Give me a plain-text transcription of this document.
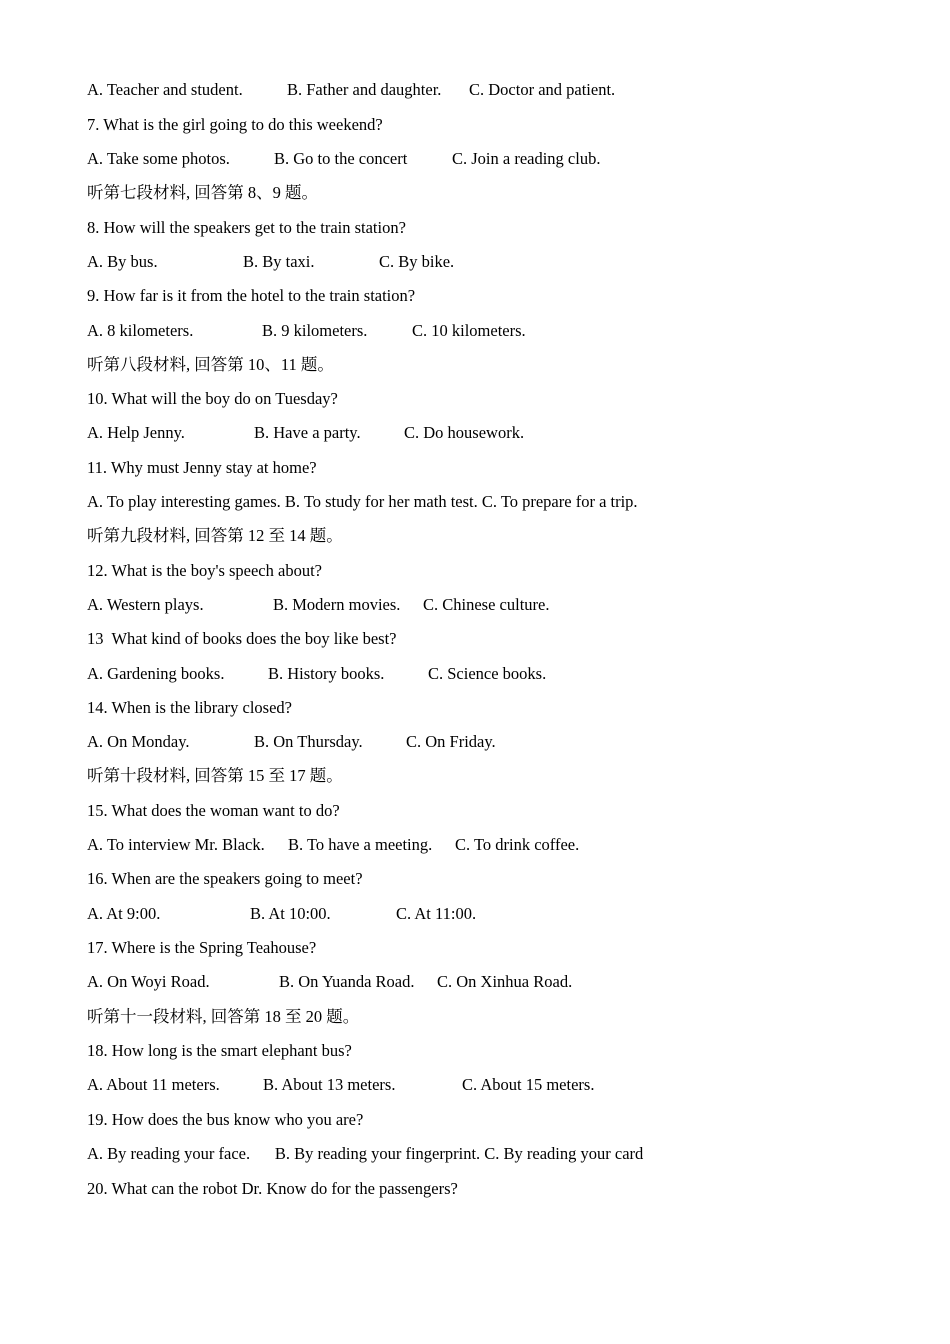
A. Teacher and student.	B. Father and daughter. C. Doctor and patient.
7. What is the girl going to do this weekend?
A. Take some photos.	B. Go to the concert	C. Join a reading club.
听第七段材料, 回答第 8、9 题。
8. How will the speakers get to the train station?
A. By bus.	B. By taxi.	C. By bike.
9. How far is it from the hotel to the train station?
A. 8 kilometers.	B. 9 kilometers.	C. 10 kilometers.
听第八段材料, 回答第 10、11 题。
10. What will the boy do on Tuesday?
A. Help Jenny.	B. Have a party.	C. Do housework.
11. Why must Jenny stay at home?
A. To play interesting games. B. To study for her math test. C. To prepare for a trip.
听第九段材料, 回答第 12 至 14 题。
12. What is the boy's speech about?
A. Western plays.	B. Modern movies. C. Chinese culture.
13  What kind of books does the boy like best?
A. Gardening books.	B. History books.	C. Science books.
14. When is the library closed?
A. On Monday.	B. On Thursday.	C. On Friday.
听第十段材料, 回答第 15 至 17 题。
15. What does the woman want to do?
A. To interview Mr. Black. B. To have a meeting. C. To drink coffee.
16. When are the speakers going to meet?
A. At 9:00.	B. At 10:00.	C. At 11:00.
17. Where is the Spring Teahouse?
A. On Woyi Road.	B. On Yuanda Road. C. On Xinhua Road.
听第十一段材料, 回答第 18 至 20 题。
18. How long is the smart elephant bus?
A. About 11 meters.	B. About 13 meters.	C. About 15 meters.
19. How does the bus know who you are?
A. By reading your face.      B. By reading your fingerprint. C. By reading your card
20. What can the robot Dr. Know do for the passengers?
